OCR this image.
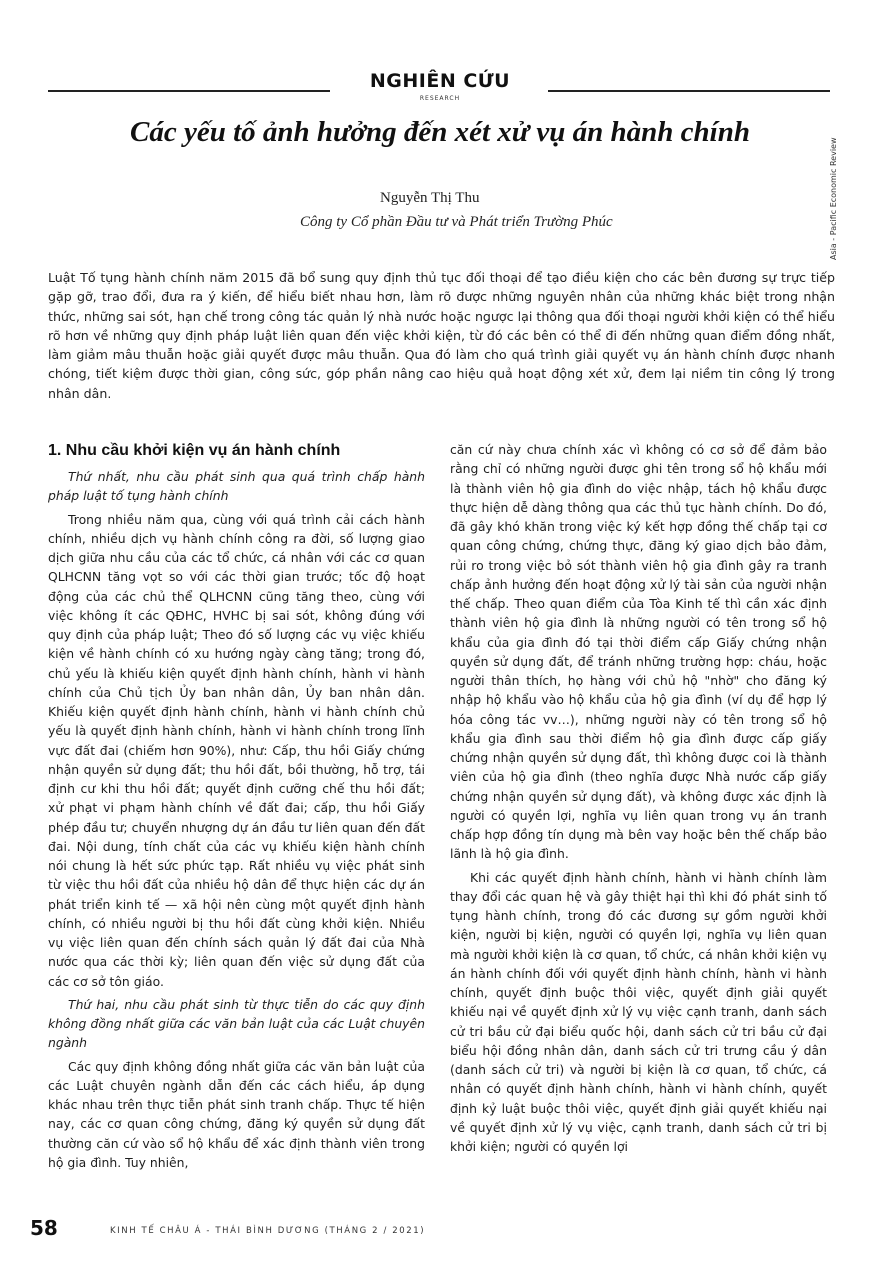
NGHIÊN CỨU
RESEARCH
Asia - Pacific Economic Review
Các yếu tố ảnh hưởng đến xét xử vụ án hành chính
Nguyễn Thị Thu
Công ty Cổ phần Đầu tư và Phát triển Trường Phúc

Luật Tố tụng hành chính năm 2015 đã bổ sung quy định thủ tục đối thoại để tạo điều kiện cho các bên đương sự trực tiếp gặp gỡ, trao đổi, đưa ra ý kiến, để hiểu biết nhau hơn, làm rõ được những nguyên nhân của những khác biệt trong nhận thức, những sai sót, hạn chế trong công tác quản lý nhà nước hoặc ngược lại thông qua đối thoại người khởi kiện có thể hiểu rõ hơn về những quy định pháp luật liên quan đến việc khởi kiện, từ đó các bên có thể đi đến những quan điểm đồng nhất, làm giảm mâu thuẫn hoặc giải quyết được mâu thuẫn. Qua đó làm cho quá trình giải quyết vụ án hành chính được nhanh chóng, tiết kiệm được thời gian, công sức, góp phần nâng cao hiệu quả hoạt động xét xử, đem lại niềm tin công lý trong nhân dân.

1. Nhu cầu khởi kiện vụ án hành chính

Thứ nhất, nhu cầu phát sinh qua quá trình chấp hành pháp luật tố tụng hành chính

Trong nhiều năm qua, cùng với quá trình cải cách hành chính, nhiều dịch vụ hành chính công ra đời, số lượng giao dịch giữa nhu cầu của các tổ chức, cá nhân với các cơ quan QLHCNN tăng vọt so với các thời gian trước; tốc độ hoạt động của các chủ thể QLHCNN cũng tăng theo, cùng với việc không ít các QĐHC, HVHC bị sai sót, không đúng với quy định của pháp luật; Theo đó số lượng các vụ việc khiếu kiện về hành chính có xu hướng ngày càng tăng; trong đó, chủ yếu là khiếu kiện quyết định hành chính, hành vi hành chính của Chủ tịch Ủy ban nhân dân, Ủy ban nhân dân. Khiếu kiện quyết định hành chính, hành vi hành chính chủ yếu là quyết định hành chính, hành vi hành chính trong lĩnh vực đất đai (chiếm hơn 90%), như: Cấp, thu hồi Giấy chứng nhận quyền sử dụng đất; thu hồi đất, bồi thường, hỗ trợ, tái định cư khi thu hồi đất; quyết định cưỡng chế thu hồi đất; xử phạt vi phạm hành chính về đất đai; cấp, thu hồi Giấy phép đầu tư; chuyển nhượng dự án đầu tư liên quan đến đất đai. Nội dung, tính chất của các vụ khiếu kiện hành chính nói chung là hết sức phức tạp. Rất nhiều vụ việc phát sinh từ việc thu hồi đất của nhiều hộ dân để thực hiện các dự án phát triển kinh tế — xã hội nên cùng một quyết định hành chính, có nhiều người bị thu hồi đất cùng khởi kiện. Nhiều vụ việc liên quan đến chính sách quản lý đất đai của Nhà nước qua các thời kỳ; liên quan đến việc sử dụng đất của các cơ sở tôn giáo.

Thứ hai, nhu cầu phát sinh từ thực tiễn do các quy định không đồng nhất giữa các văn bản luật của các Luật chuyên ngành

Các quy định không đồng nhất giữa các văn bản luật của các Luật chuyên ngành dẫn đến các cách hiểu, áp dụng khác nhau trên thực tiễn phát sinh tranh chấp. Thực tế hiện nay, các cơ quan công chứng, đăng ký quyền sử dụng đất thường căn cứ vào sổ hộ khẩu để xác định thành viên trong hộ gia đình. Tuy nhiên,

căn cứ này chưa chính xác vì không có cơ sở để đảm bảo rằng chỉ có những người được ghi tên trong sổ hộ khẩu mới là thành viên hộ gia đình do việc nhập, tách hộ khẩu được thực hiện dễ dàng thông qua các thủ tục hành chính. Do đó, đã gây khó khăn trong việc ký kết hợp đồng thế chấp tại cơ quan công chứng, chứng thực, đăng ký giao dịch bảo đảm, rủi ro trong việc bỏ sót thành viên hộ gia đình gây ra tranh chấp ảnh hưởng đến hoạt động xử lý tài sản của người nhận thế chấp. Theo quan điểm của Tòa Kinh tế thì cần xác định thành viên hộ gia đình là những người có tên trong sổ hộ khẩu của gia đình đó tại thời điểm cấp Giấy chứng nhận quyền sử dụng đất, để tránh những trường hợp: cháu, hoặc người thân thích, họ hàng với chủ hộ "nhờ" cho đăng ký nhập hộ khẩu vào hộ khẩu của hộ gia đình (ví dụ để hợp lý hóa công tác vv…), những người này có tên trong sổ hộ khẩu gia đình sau thời điểm hộ gia đình được cấp giấy chứng nhận quyền sử dụng đất, thì không được coi là thành viên của hộ gia đình (theo nghĩa được Nhà nước cấp giấy chứng nhận quyền sử dụng đất), và không được xác định là người có quyền lợi, nghĩa vụ liên quan trong vụ án tranh chấp hợp đồng tín dụng mà bên vay hoặc bên thế chấp bảo lãnh là hộ gia đình.

Khi các quyết định hành chính, hành vi hành chính làm thay đổi các quan hệ và gây thiệt hại thì khi đó phát sinh tố tụng hành chính, trong đó các đương sự gồm người khởi kiện, người bị kiện, người có quyền lợi, nghĩa vụ liên quan mà người khởi kiện là cơ quan, tổ chức, cá nhân khởi kiện vụ án hành chính đối với quyết định hành chính, hành vi hành chính, quyết định buộc thôi việc, quyết định giải quyết khiếu nại về quyết định xử lý vụ việc cạnh tranh, danh sách cử tri bầu cử đại biểu quốc hội, danh sách cử tri bầu cử đại biểu hội đồng nhân dân, danh sách cử tri trưng cầu ý dân (danh sách cử tri) và người bị kiện là cơ quan, tổ chức, cá nhân có quyết định hành chính, hành vi hành chính, quyết định kỷ luật buộc thôi việc, quyết định giải quyết khiếu nại về quyết định xử lý vụ việc, cạnh tranh, danh sách cử tri bị khởi kiện; người có quyền lợi

58	KINH TẾ CHÂU Á - THÁI BÌNH DƯƠNG (THÁNG 2 / 2021)
